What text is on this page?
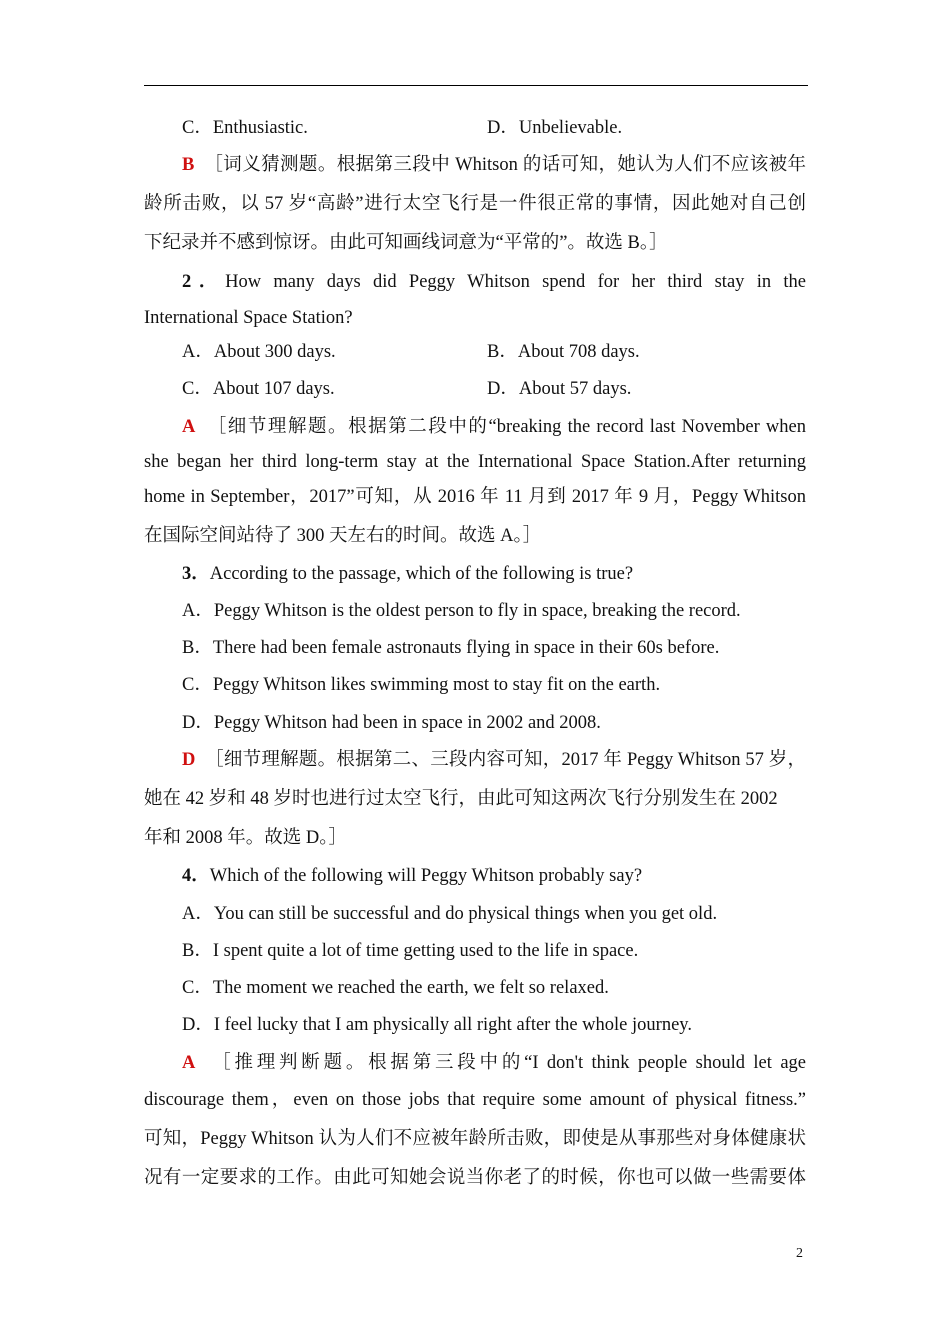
C．Enthusiastic.	D．Unbelievable.
B ［词义猜测题。根据第三段中 Whitson 的话可知，她认为人们不应该被年
龄所击败，以 57 岁“高龄”进行太空飞行是一件很正常的事情，因此她对自己创
下纪录并不感到惊讶。由此可知画线词意为“平常的”。故选 B。］
2．How many days did Peggy Whitson spend for her third stay in the
International Space Station?
A．About 300 days.	B．About 708 days.
C．About 107 days.	D．About 57 days.
A ［细节理解题。根据第二段中的“breaking the record last November when
she began her third long-term stay at the International Space Station.After returning
home in September，2017”可知，从 2016 年 11 月到 2017 年 9 月，Peggy Whitson
在国际空间站待了 300 天左右的时间。故选 A。］
3．According to the passage, which of the following is true?
A．Peggy Whitson is the oldest person to fly in space, breaking the record.
B．There had been female astronauts flying in space in their 60s before.
C．Peggy Whitson likes swimming most to stay fit on the earth.
D．Peggy Whitson had been in space in 2002 and 2008.
D ［细节理解题。根据第二、三段内容可知，2017 年 Peggy Whitson 57 岁，
她在 42 岁和 48 岁时也进行过太空飞行，由此可知这两次飞行分别发生在 2002
年和 2008 年。故选 D。］
4．Which of the following will Peggy Whitson probably say?
A．You can still be successful and do physical things when you get old.
B．I spent quite a lot of time getting used to the life in space.
C．The moment we reached the earth, we felt so relaxed.
D．I feel lucky that I am physically all right after the whole journey.
A ［推理判断题。根据第三段中的“I don't think people should let age
discourage them，even on those jobs that require some amount of physical fitness.”
可知，Peggy Whitson 认为人们不应被年龄所击败，即使是从事那些对身体健康状
况有一定要求的工作。由此可知她会说当你老了的时候，你也可以做一些需要体
2
